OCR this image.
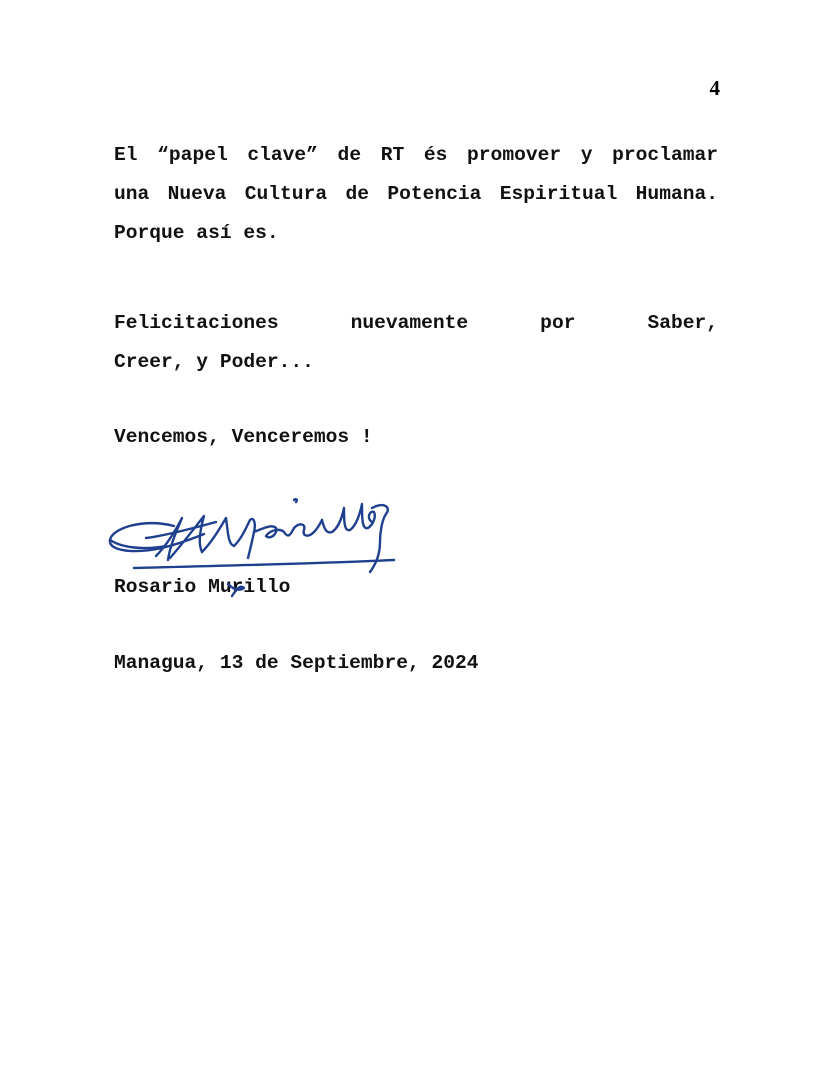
4
El “papel clave” de RT és promover y proclamar
una Nueva Cultura de Potencia Espiritual Humana.
Porque así es.
Felicitaciones nuevamente por Saber,
Creer, y Poder...
Vencemos, Venceremos !
Rosario Murillo
Managua, 13 de Septiembre, 2024
